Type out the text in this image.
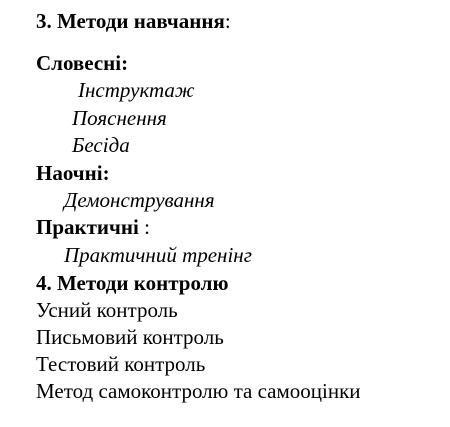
3. Методи навчання:
Словесні:
Інструктаж
Пояснення
Бесіда
Наочні:
Демонстрування
Практичні :
Практичний тренінг
4. Методи контролю
Усний контроль
Письмовий контроль
Тестовий контроль
Метод самоконтролю та самооцінки
